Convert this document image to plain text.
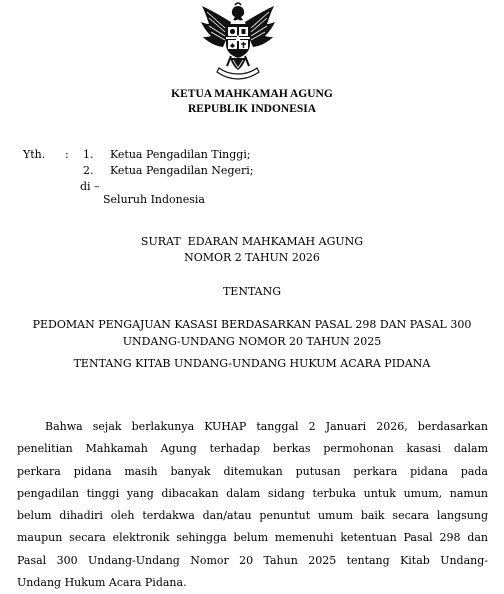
KETUA MAHKAMAH AGUNG
REPUBLIK INDONESIA
Yth. : 1. Ketua Pengadilan Tinggi;
2. Ketua Pengadilan Negeri;
di –
Seluruh Indonesia
SURAT  EDARAN MAHKAMAH AGUNG
NOMOR 2 TAHUN 2026
TENTANG
PEDOMAN PENGAJUAN KASASI BERDASARKAN PASAL 298 DAN PASAL 300
UNDANG-UNDANG NOMOR 20 TAHUN 2025
TENTANG KITAB UNDANG-UNDANG HUKUM ACARA PIDANA
Bahwa sejak berlakunya KUHAP tanggal 2 Januari 2026, berdasarkan
penelitian Mahkamah Agung terhadap berkas permohonan kasasi dalam
perkara pidana masih banyak ditemukan putusan perkara pidana pada
pengadilan tinggi yang dibacakan dalam sidang terbuka untuk umum, namun
belum dihadiri oleh terdakwa dan/atau penuntut umum baik secara langsung
maupun secara elektronik sehingga belum memenuhi ketentuan Pasal 298 dan
Pasal 300 Undang-Undang Nomor 20 Tahun 2025 tentang Kitab Undang-
Undang Hukum Acara Pidana.
